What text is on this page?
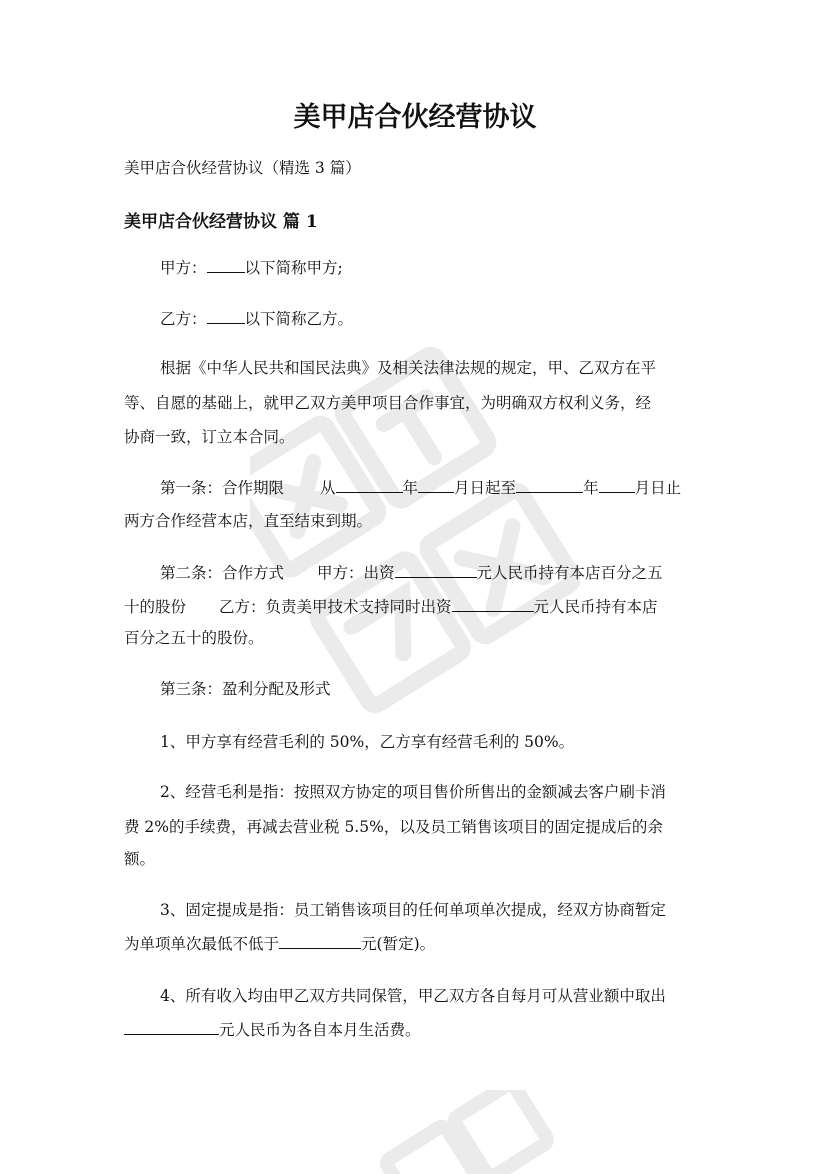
美甲店合伙经营协议

美甲店合伙经营协议（精选 3 篇）

美甲店合伙经营协议 篇 1

甲方： 以下简称甲方;

乙方： 以下简称乙方。

根据《中华人民共和国民法典》及相关法律法规的规定，甲、乙双方在平

等、自愿的基础上，就甲乙双方美甲项目合作事宜，为明确双方权利义务，经

协商一致，订立本合同。

第一条：合作期限 从	年 月日起至	年 月日止

两方合作经营本店，直至结束到期。

第二条：合作方式 甲方：出资	元人民币持有本店百分之五

十的股份 乙方：负责美甲技术支持同时出资	元人民币持有本店

百分之五十的股份。

第三条：盈利分配及形式

1、甲方享有经营毛利的 50%，乙方享有经营毛利的 50%。

2、经营毛利是指：按照双方协定的项目售价所售出的金额减去客户刷卡消

费 2%的手续费，再减去营业税 5.5%，以及员工销售该项目的固定提成后的余

额。

3、固定提成是指：员工销售该项目的任何单项单次提成，经双方协商暂定

为单项单次最低不低于	元(暂定)。

4、所有收入均由甲乙双方共同保管，甲乙双方各自每月可从营业额中取出

元人民币为各自本月生活费。
